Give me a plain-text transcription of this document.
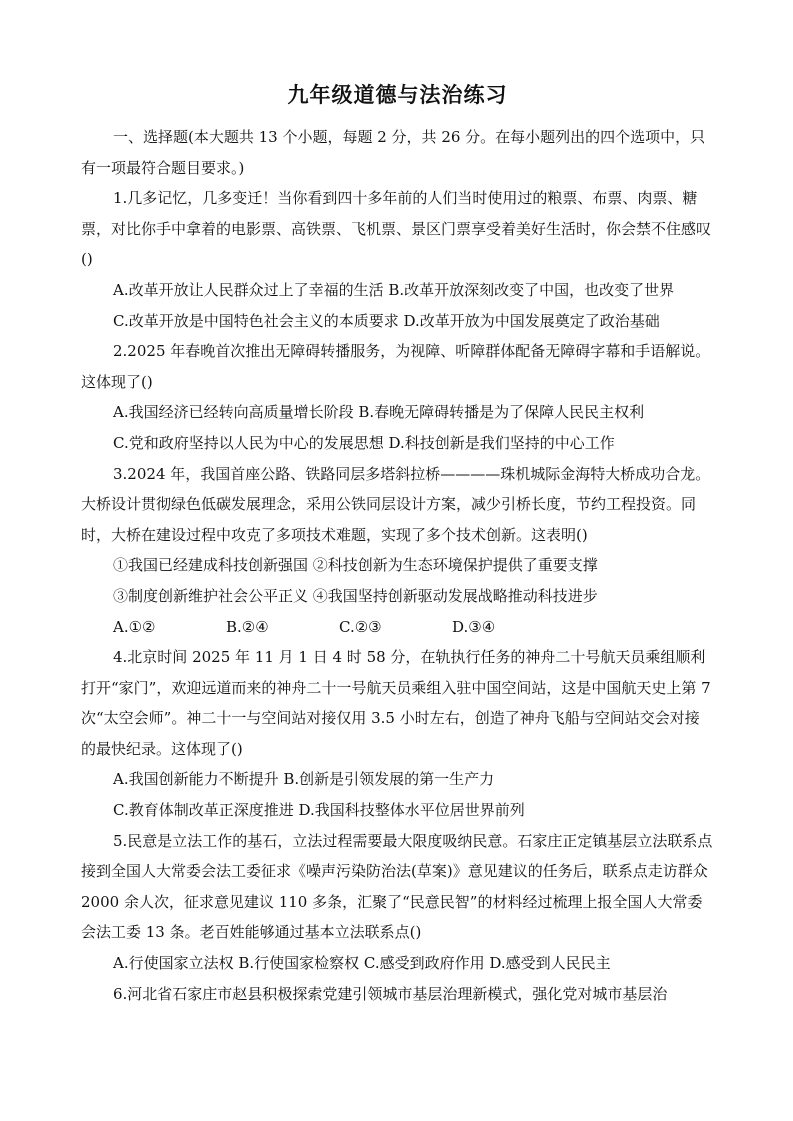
九年级道德与法治练习

一、选择题(本大题共 13 个小题，每题 2 分，共 26 分。在每小题列出的四个选项中，只有一项最符合题目要求。)

1.几多记忆，几多变迁！当你看到四十多年前的人们当时使用过的粮票、布票、肉票、糖票，对比你手中拿着的电影票、高铁票、飞机票、景区门票享受着美好生活时，你会禁不住感叹()

A.改革开放让人民群众过上了幸福的生活 B.改革开放深刻改变了中国，也改变了世界

C.改革开放是中国特色社会主义的本质要求 D.改革开放为中国发展奠定了政治基础

2.2025 年春晚首次推出无障碍转播服务，为视障、听障群体配备无障碍字幕和手语解说。这体现了()

A.我国经济已经转向高质量增长阶段 B.春晚无障碍转播是为了保障人民民主权利

C.党和政府坚持以人民为中心的发展思想 D.科技创新是我们坚持的中心工作

3.2024 年，我国首座公路、铁路同层多塔斜拉桥————珠机城际金海特大桥成功合龙。大桥设计贯彻绿色低碳发展理念，采用公铁同层设计方案，减少引桥长度，节约工程投资。同时，大桥在建设过程中攻克了多项技术难题，实现了多个技术创新。这表明()

①我国已经建成科技创新强国 ②科技创新为生态环境保护提供了重要支撑

③制度创新维护社会公平正义 ④我国坚持创新驱动发展战略推动科技进步

A.①②	B.②④	C.②③	D.③④

4.北京时间 2025 年 11 月 1 日 4 时 58 分，在轨执行任务的神舟二十号航天员乘组顺利打开“家门”，欢迎远道而来的神舟二十一号航天员乘组入驻中国空间站，这是中国航天史上第 7 次“太空会师”。神二十一与空间站对接仅用 3.5 小时左右，创造了神舟飞船与空间站交会对接的最快纪录。这体现了()

A.我国创新能力不断提升 B.创新是引领发展的第一生产力

C.教育体制改革正深度推进 D.我国科技整体水平位居世界前列

5.民意是立法工作的基石，立法过程需要最大限度吸纳民意。石家庄正定镇基层立法联系点接到全国人大常委会法工委征求《噪声污染防治法(草案)》意见建议的任务后，联系点走访群众 2000 余人次，征求意见建议 110 多条，汇聚了“民意民智”的材料经过梳理上报全国人大常委会法工委 13 条。老百姓能够通过基本立法联系点()

A.行使国家立法权 B.行使国家检察权 C.感受到政府作用 D.感受到人民民主

6.河北省石家庄市赵县积极探索党建引领城市基层治理新模式，强化党对城市基层治
